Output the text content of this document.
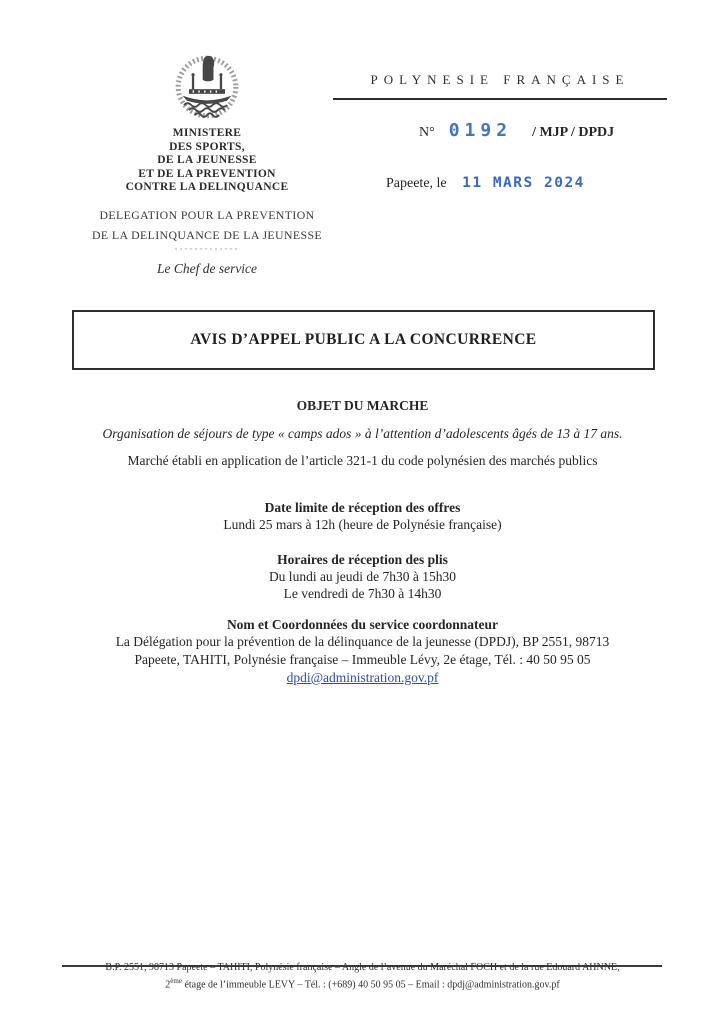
MINISTERE
DES SPORTS,
DE LA JEUNESSE
ET DE LA PREVENTION
CONTRE LA DELINQUANCE
DELEGATION POUR LA PREVENTION
DE LA DELINQUANCE DE LA JEUNESSE
·············
Le Chef de service
POLYNESIE FRANÇAISE
N° 0192 / MJP / DPDJ
Papeete, le 11 MARS 2024
AVIS D’APPEL PUBLIC A LA CONCURRENCE
OBJET DU MARCHE
Organisation de séjours de type « camps ados » à l’attention d’adolescents âgés de 13 à 17 ans.
Marché établi en application de l’article 321-1 du code polynésien des marchés publics
Date limite de réception des offres
Lundi 25 mars à 12h (heure de Polynésie française)
Horaires de réception des plis
Du lundi au jeudi de 7h30 à 15h30
Le vendredi de 7h30 à 14h30
Nom et Coordonnées du service coordonnateur
La Délégation pour la prévention de la délinquance de la jeunesse (DPDJ), BP 2551, 98713
Papeete, TAHITI, Polynésie française – Immeuble Lévy, 2e étage, Tél. : 40 50 95 05
dpdi@administration.gov.pf
B.P. 2551, 98713 Papeete – TAHITI, Polynésie française – Angle de l’avenue du Maréchal FOCH et de la rue Edouard AHNNE,
2ème étage de l’immeuble LEVY – Tél. : (+689) 40 50 95 05 – Email : dpdj@administration.gov.pf
